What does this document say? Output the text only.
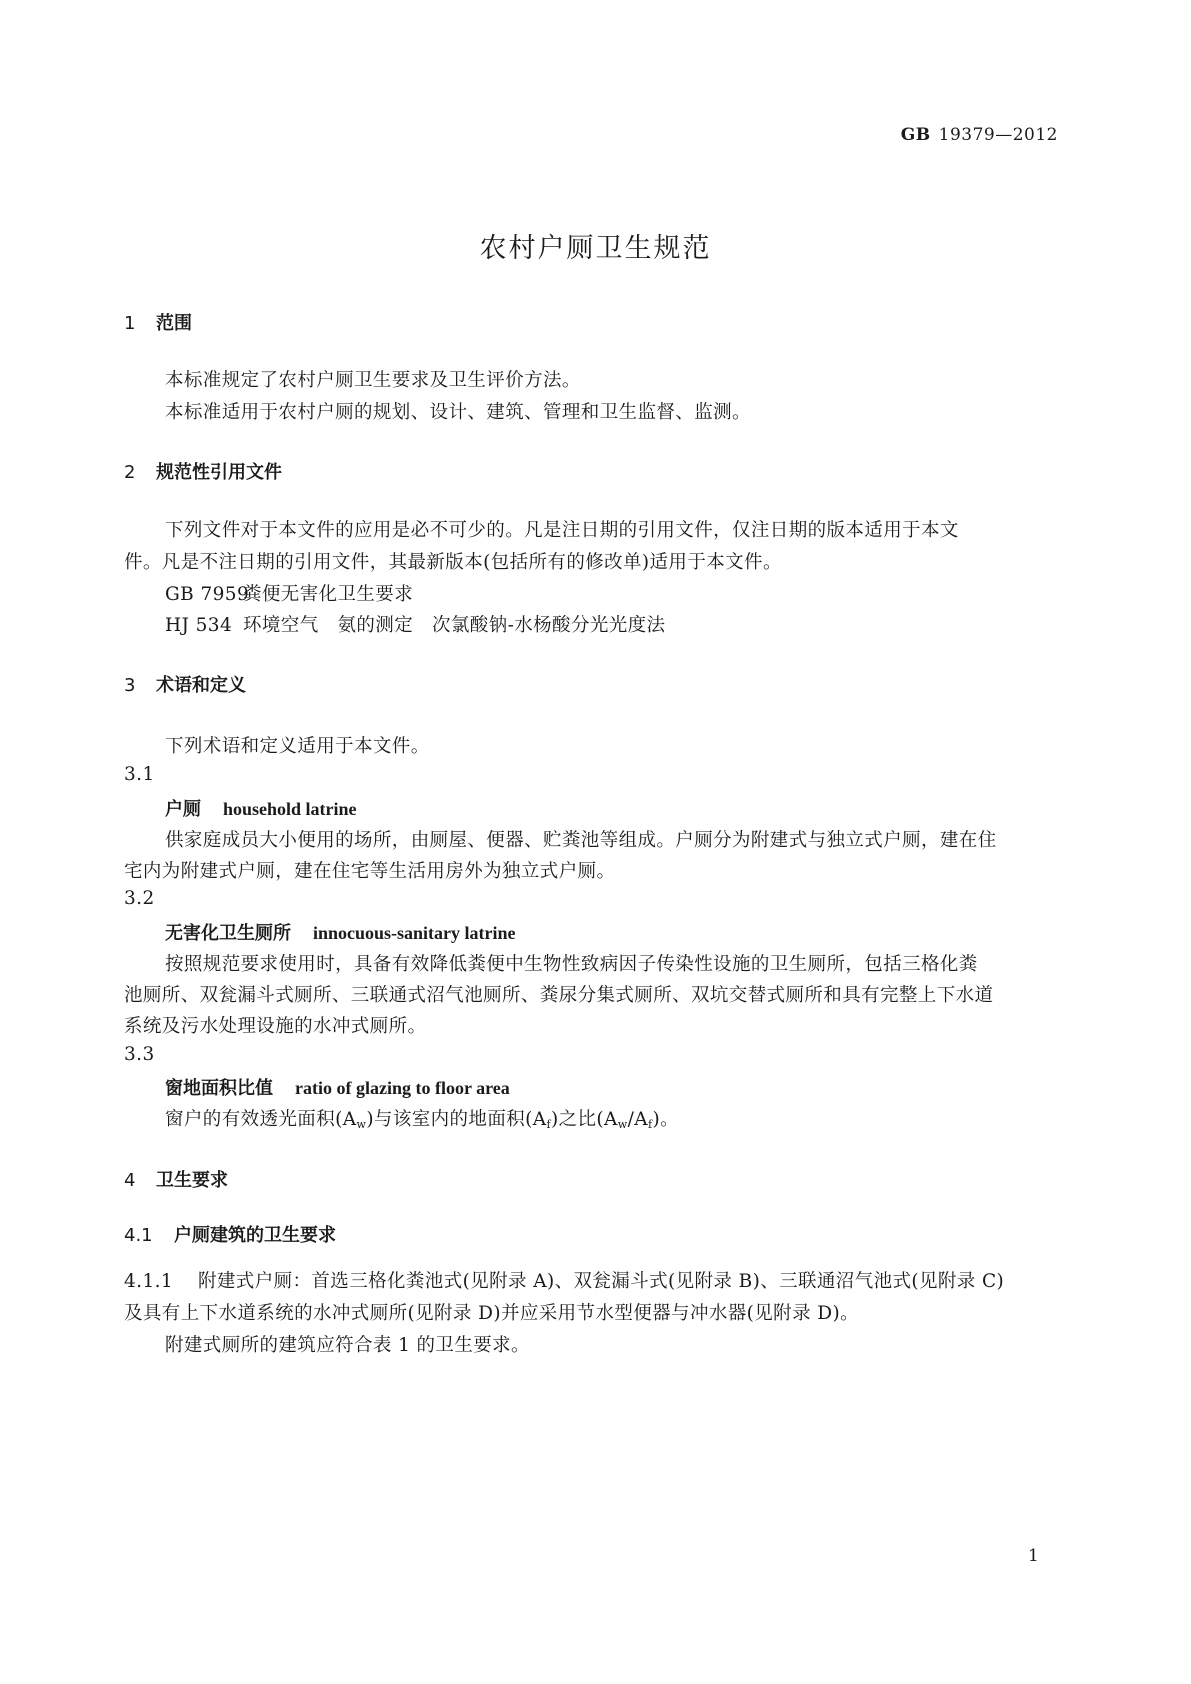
GB 19379—2012
农村户厕卫生规范
1 范围
本标准规定了农村户厕卫生要求及卫生评价方法。
本标准适用于农村户厕的规划、设计、建筑、管理和卫生监督、监测。
2 规范性引用文件
下列文件对于本文件的应用是必不可少的。凡是注日期的引用文件，仅注日期的版本适用于本文
件。凡是不注日期的引用文件，其最新版本(包括所有的修改单)适用于本文件。
GB 7959粪便无害化卫生要求
HJ 534 环境空气　氨的测定　次氯酸钠-水杨酸分光光度法
3 术语和定义
下列术语和定义适用于本文件。
3.1
户厕 household latrine
供家庭成员大小便用的场所，由厕屋、便器、贮粪池等组成。户厕分为附建式与独立式户厕，建在住
宅内为附建式户厕，建在住宅等生活用房外为独立式户厕。
3.2
无害化卫生厕所 innocuous-sanitary latrine
按照规范要求使用时，具备有效降低粪便中生物性致病因子传染性设施的卫生厕所，包括三格化粪
池厕所、双瓮漏斗式厕所、三联通式沼气池厕所、粪尿分集式厕所、双坑交替式厕所和具有完整上下水道
系统及污水处理设施的水冲式厕所。
3.3
窗地面积比值 ratio of glazing to floor area
窗户的有效透光面积$(A_w)$与该室内的地面积$(A_f)$之比$(A_w/A_f)$。
4 卫生要求
4.1 户厕建筑的卫生要求
4.1.1 附建式户厕：首选三格化粪池式(见附录 A)、双瓮漏斗式(见附录 B)、三联通沼气池式(见附录 C)
及具有上下水道系统的水冲式厕所(见附录 D)并应采用节水型便器与冲水器(见附录 D)。
附建式厕所的建筑应符合表 1 的卫生要求。
1
